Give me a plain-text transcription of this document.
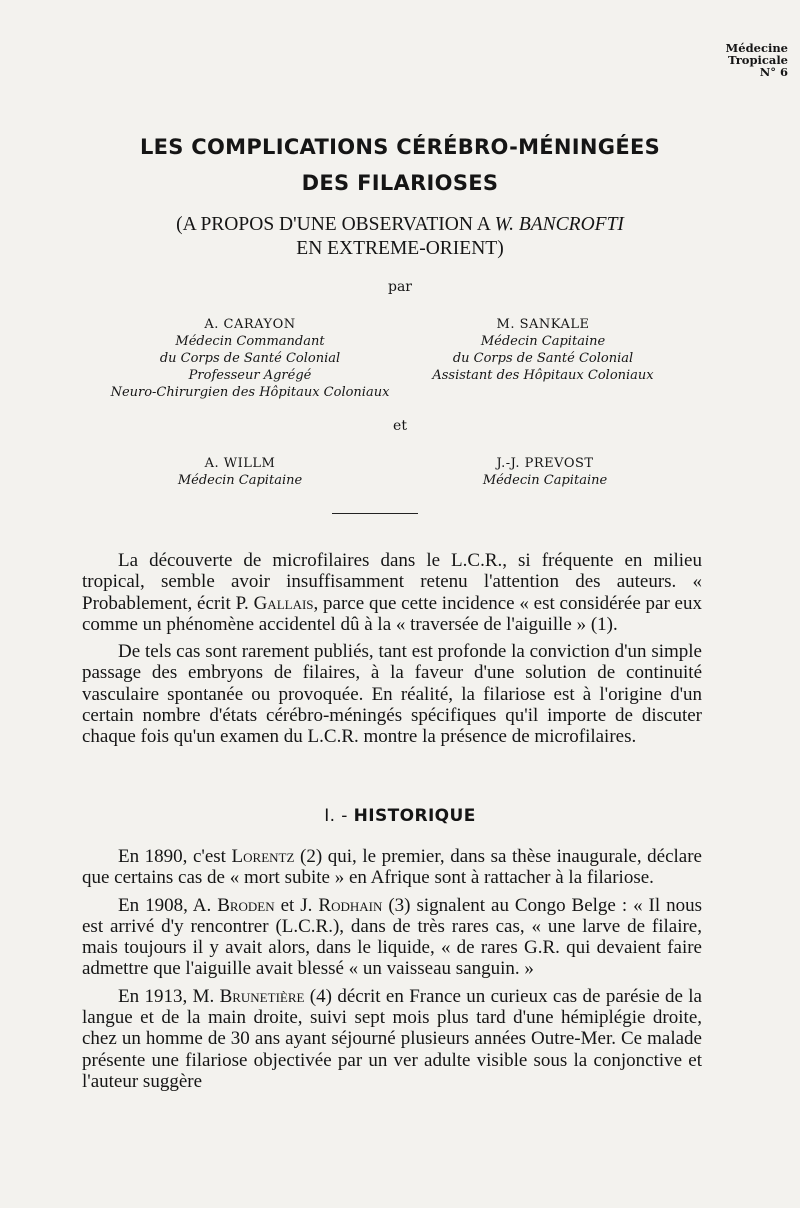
Médecine
Tropicale
N° 6
LES COMPLICATIONS CÉRÉBRO-MÉNINGÉES
DES FILARIOSES
(A PROPOS D'UNE OBSERVATION A W. BANCROFTI
EN EXTREME-ORIENT)
par
A. CARAYON
Médecin Commandant
du Corps de Santé Colonial
Professeur Agrégé
Neuro-Chirurgien des Hôpitaux Coloniaux
M. SANKALE
Médecin Capitaine
du Corps de Santé Colonial
Assistant des Hôpitaux Coloniaux
et
A. WILLM
Médecin Capitaine
J.-J. PREVOST
Médecin Capitaine

La découverte de microfilaires dans le L.C.R., si fréquente en milieu tropical, semble avoir insuffisamment retenu l'attention des auteurs. « Probablement, écrit P. Gallais, parce que cette incidence « est considérée par eux comme un phénomène accidentel dû à la « traversée de l'aiguille » (1).

De tels cas sont rarement publiés, tant est profonde la conviction d'un simple passage des embryons de filaires, à la faveur d'une solution de continuité vasculaire spontanée ou provoquée. En réalité, la filariose est à l'origine d'un certain nombre d'états cérébro-méningés spécifiques qu'il importe de discuter chaque fois qu'un examen du L.C.R. montre la présence de microfilaires.

I. - HISTORIQUE

En 1890, c'est Lorentz (2) qui, le premier, dans sa thèse inaugurale, déclare que certains cas de « mort subite » en Afrique sont à rattacher à la filariose.

En 1908, A. Broden et J. Rodhain (3) signalent au Congo Belge : « Il nous est arrivé d'y rencontrer (L.C.R.), dans de très rares cas, « une larve de filaire, mais toujours il y avait alors, dans le liquide, « de rares G.R. qui devaient faire admettre que l'aiguille avait blessé « un vaisseau sanguin. »

En 1913, M. Brunetière (4) décrit en France un curieux cas de parésie de la langue et de la main droite, suivi sept mois plus tard d'une hémiplégie droite, chez un homme de 30 ans ayant séjourné plusieurs années Outre-Mer. Ce malade présente une filariose objectivée par un ver adulte visible sous la conjonctive et l'auteur suggère
